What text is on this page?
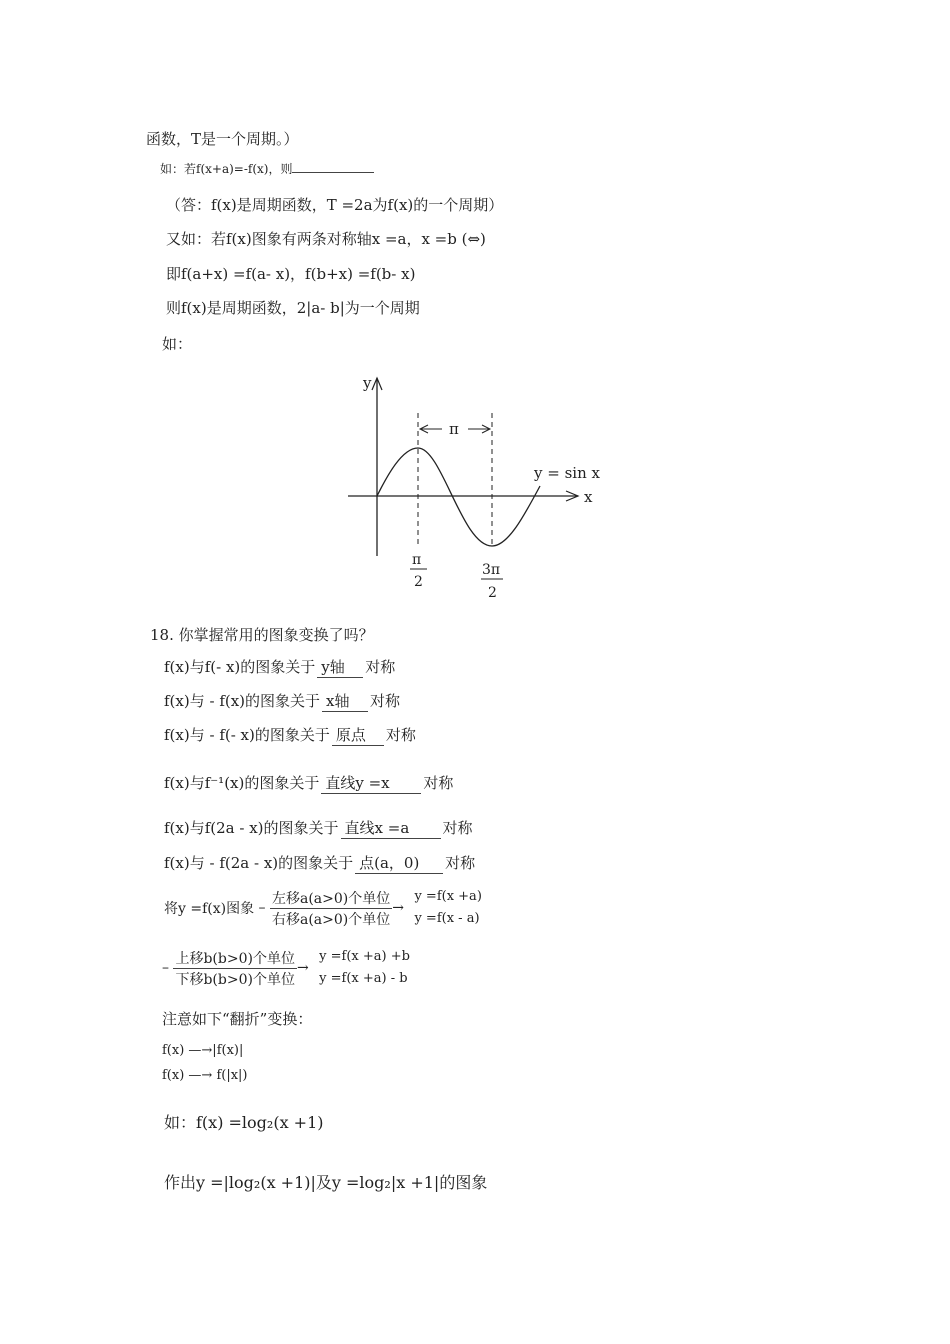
函数，T是一个周期。）
如：若f(x+a)=-f(x)，则
（答：f(x)是周期函数，T =2a为f(x)的一个周期）
又如：若f(x)图象有两条对称轴x =a，x =b (⇔)
即f(a+x) =f(a- x)，f(b+x) =f(b- x)
则f(x)是周期函数，2|a- b|为一个周期
如：
y
x
π
y = sin x
π
2
3π
2
18. 你掌握常用的图象变换了吗？
f(x)与f(- x)的图象关于 y轴 对称
f(x)与 - f(x)的图象关于 x轴 对称
f(x)与 - f(- x)的图象关于 原点 对称
f(x)与f⁻¹(x)的图象关于 直线y =x 对称
f(x)与f(2a - x)的图象关于 直线x =a 对称
f(x)与 - f(2a - x)的图象关于 点(a，0) 对称
将y =f(x)图象 –
左移a(a>0)个单位
右移a(a>0)个单位
→
y =f(x +a)
y =f(x - a)
–
上移b(b>0)个单位
下移b(b>0)个单位
→
y =f(x +a) +b
y =f(x +a) - b
注意如下“翻折”变换：
f(x) —→|f(x)|
f(x) —→ f(|x|)
如：f(x) =log₂(x +1)
作出y =|log₂(x +1)|及y =log₂|x +1|的图象
